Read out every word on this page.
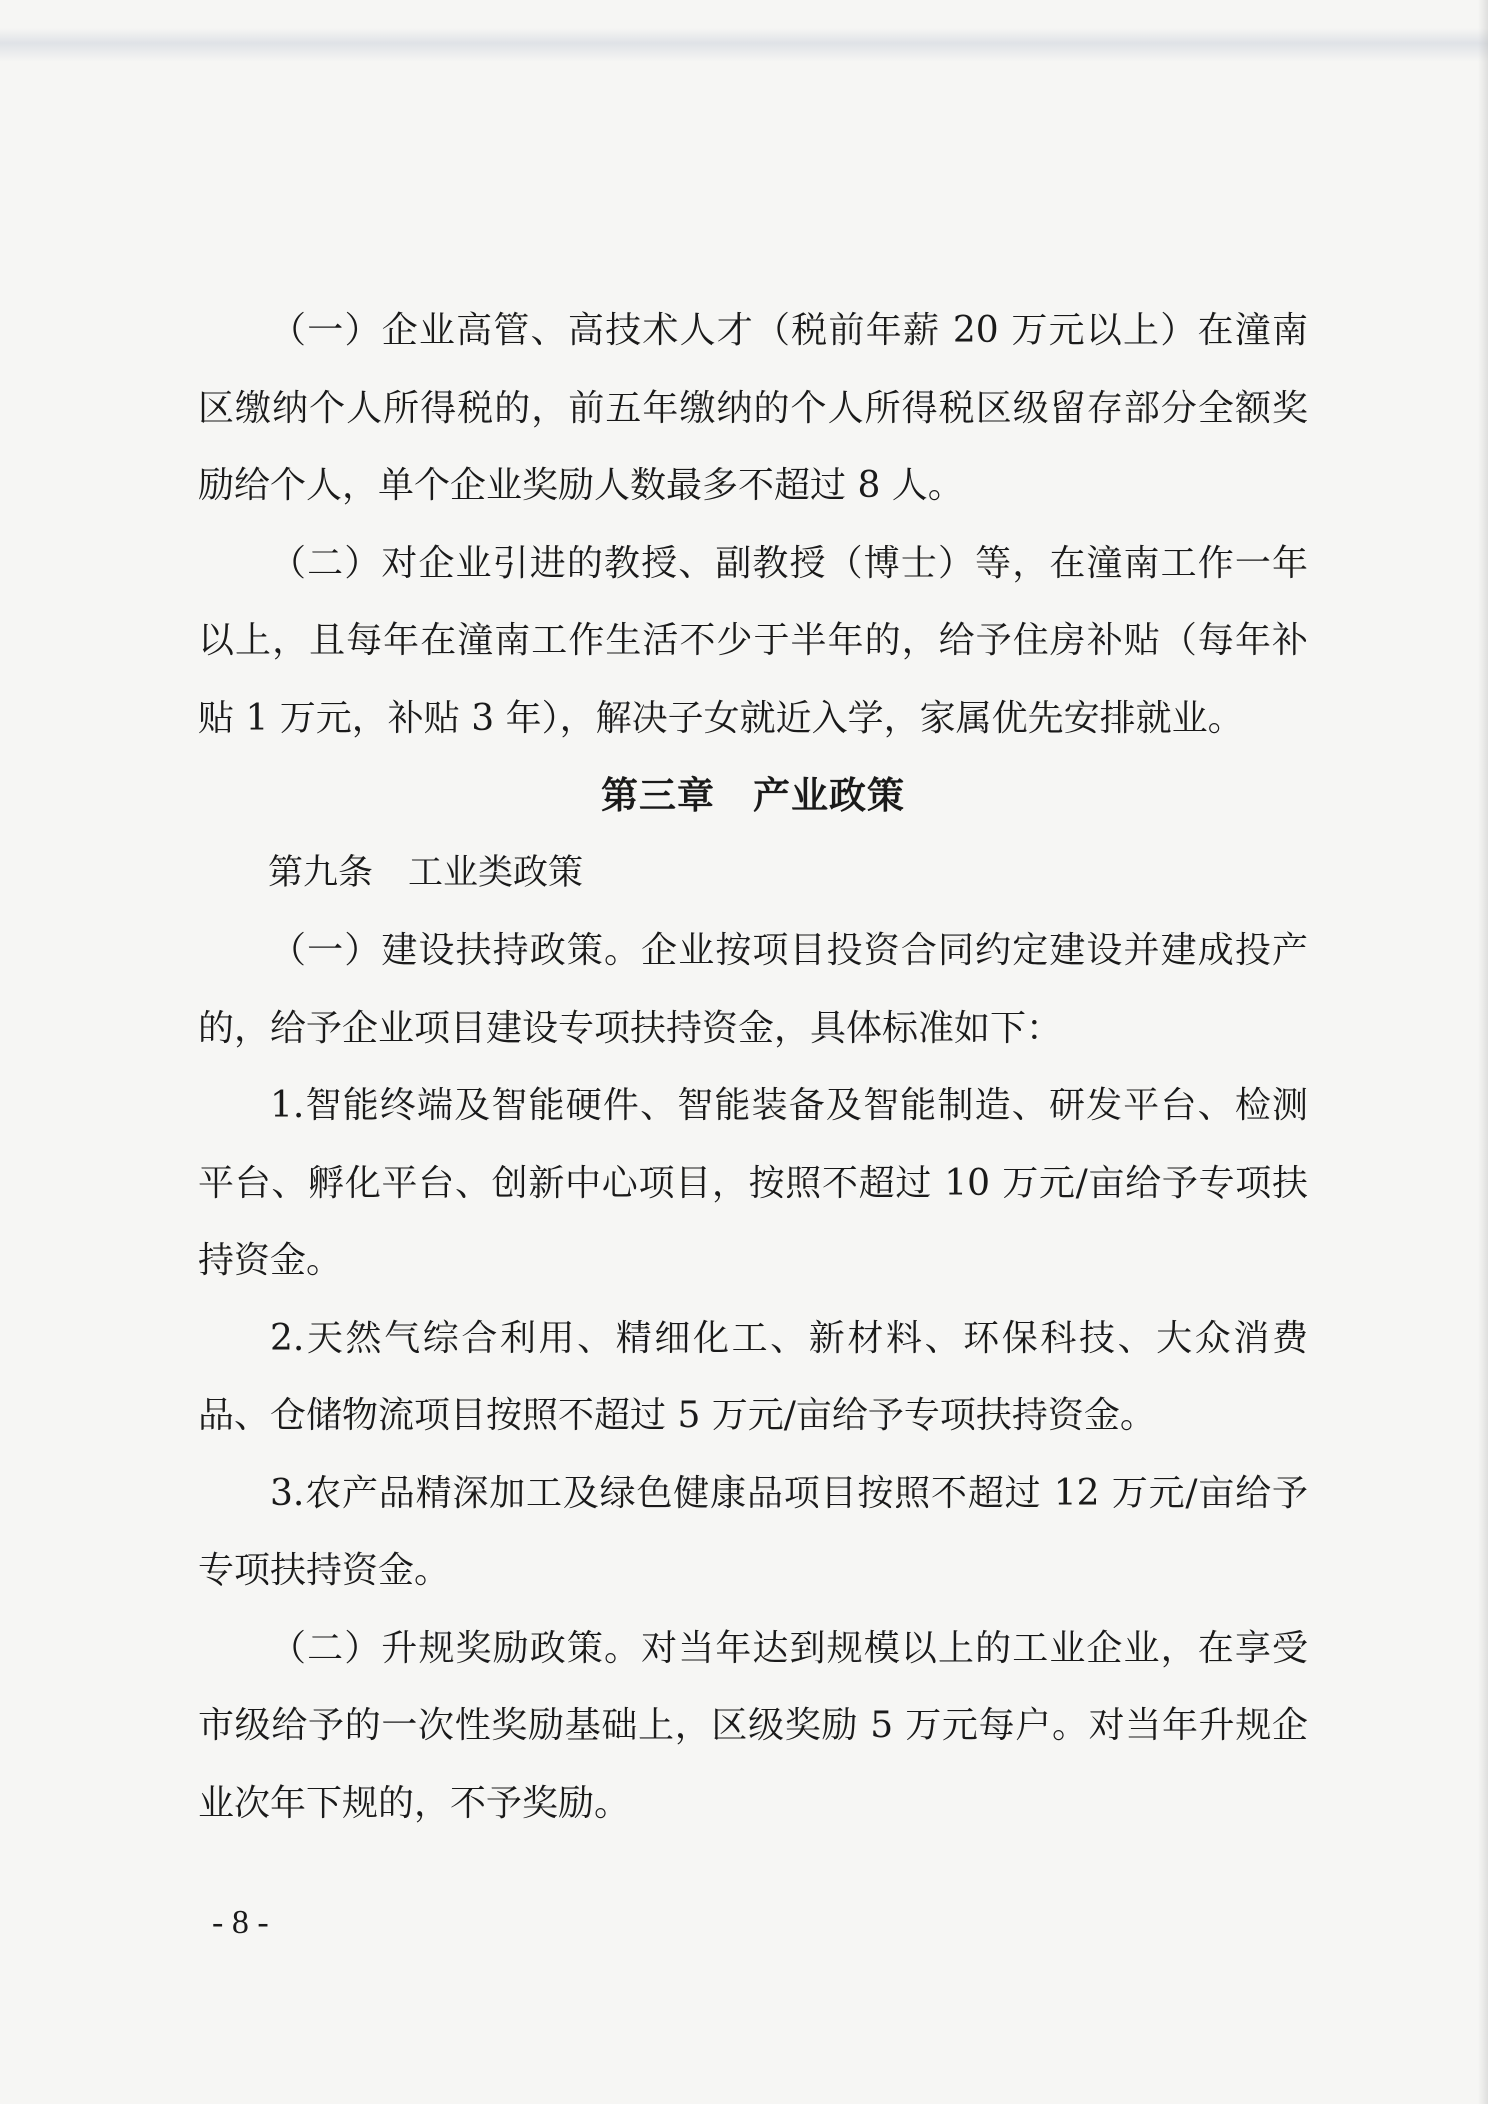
（一）企业高管、高技术人才（税前年薪 20 万元以上）在潼南区缴纳个人所得税的，前五年缴纳的个人所得税区级留存部分全额奖励给个人，单个企业奖励人数最多不超过 8 人。

（二）对企业引进的教授、副教授（博士）等，在潼南工作一年以上，且每年在潼南工作生活不少于半年的，给予住房补贴（每年补贴 1 万元，补贴 3 年），解决子女就近入学，家属优先安排就业。

第三章　产业政策

第九条　工业类政策

（一）建设扶持政策。企业按项目投资合同约定建设并建成投产的，给予企业项目建设专项扶持资金，具体标准如下：

1.智能终端及智能硬件、智能装备及智能制造、研发平台、检测平台、孵化平台、创新中心项目，按照不超过 10 万元/亩给予专项扶持资金。

2.天然气综合利用、精细化工、新材料、环保科技、大众消费品、仓储物流项目按照不超过 5 万元/亩给予专项扶持资金。

3.农产品精深加工及绿色健康品项目按照不超过 12 万元/亩给予专项扶持资金。

（二）升规奖励政策。对当年达到规模以上的工业企业，在享受市级给予的一次性奖励基础上，区级奖励 5 万元每户。对当年升规企业次年下规的，不予奖励。

- 8 -
